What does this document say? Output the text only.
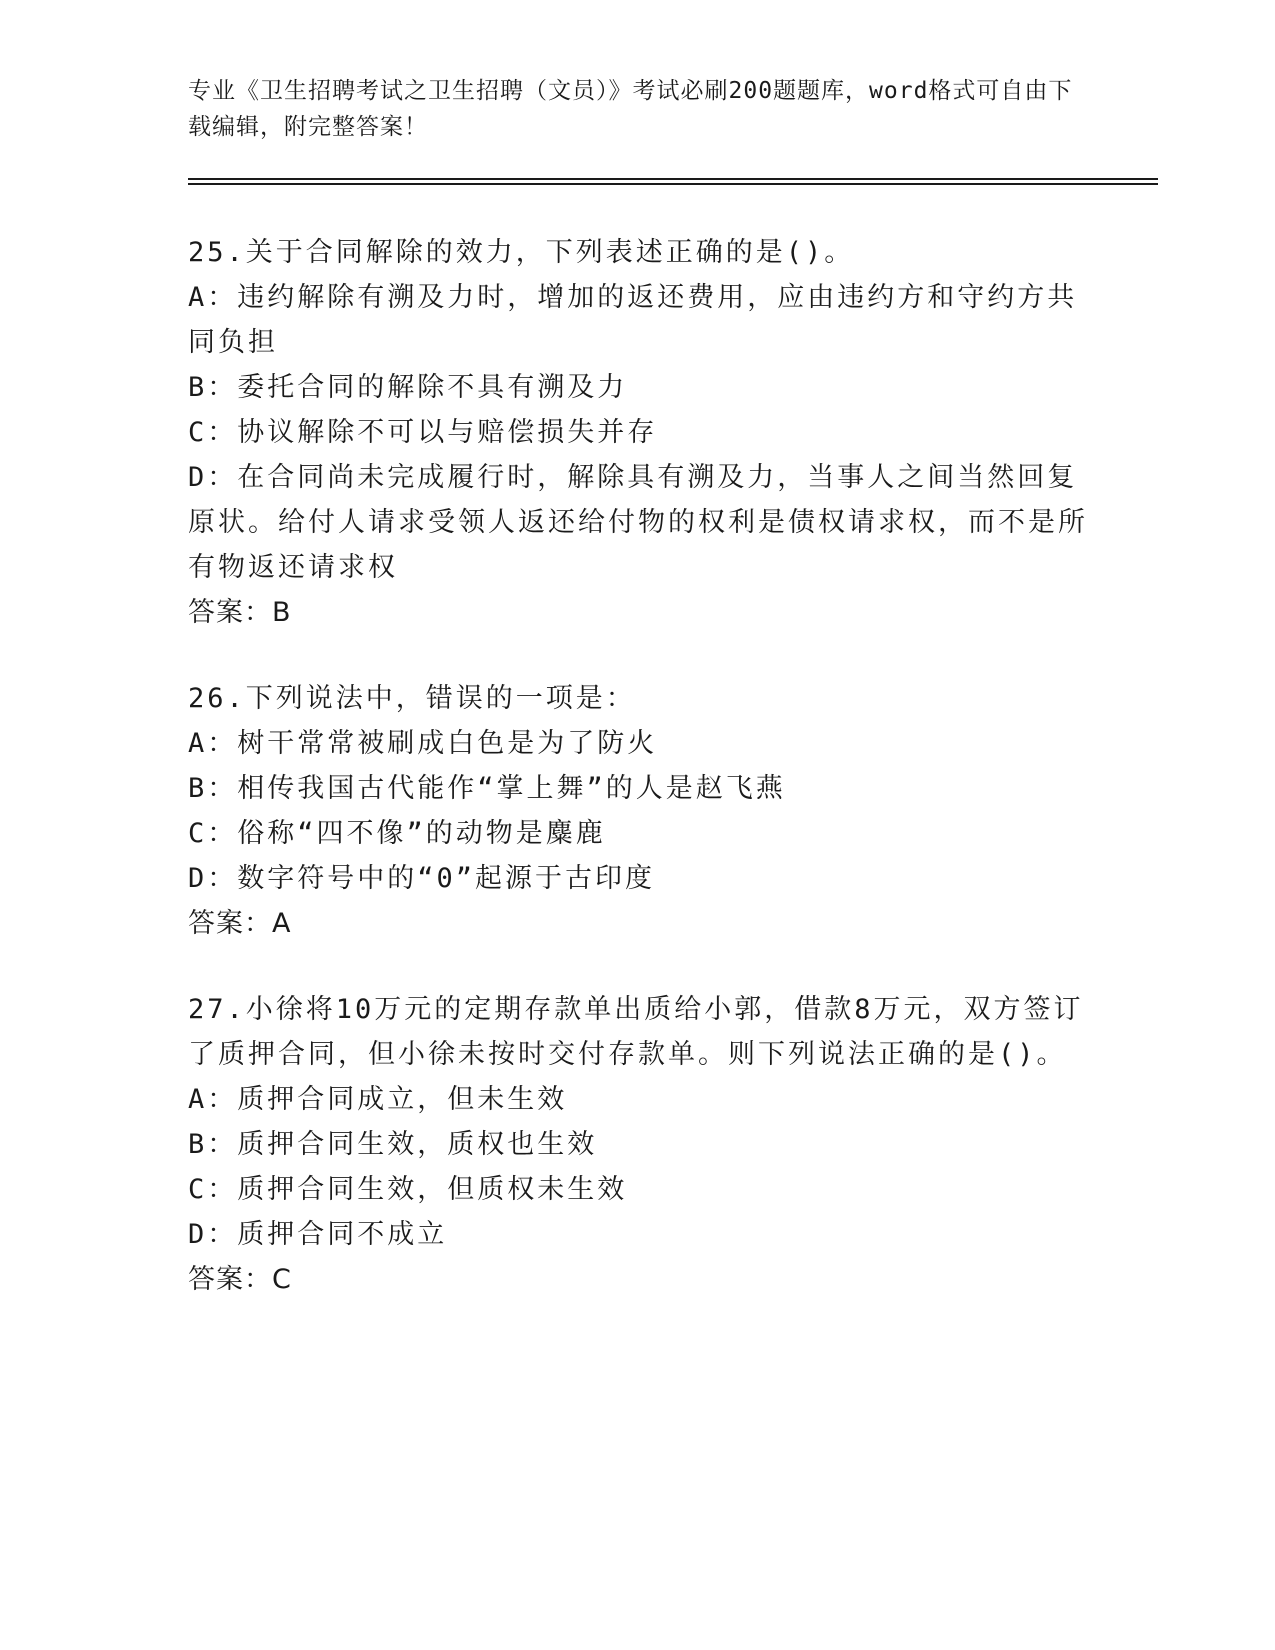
专业《卫生招聘考试之卫生招聘（文员）》考试必刷200题题库，word格式可自由下载编辑，附完整答案！
25.关于合同解除的效力，下列表述正确的是()。
A：违约解除有溯及力时，增加的返还费用，应由违约方和守约方共同负担
B：委托合同的解除不具有溯及力
C：协议解除不可以与赔偿损失并存
D：在合同尚未完成履行时，解除具有溯及力，当事人之间当然回复原状。给付人请求受领人返还给付物的权利是债权请求权，而不是所有物返还请求权
答案：B
26.下列说法中，错误的一项是：
A：树干常常被刷成白色是为了防火
B：相传我国古代能作“掌上舞”的人是赵飞燕
C：俗称“四不像”的动物是麋鹿
D：数字符号中的“0”起源于古印度
答案：A
27.小徐将10万元的定期存款单出质给小郭，借款8万元，双方签订了质押合同，但小徐未按时交付存款单。则下列说法正确的是()。
A：质押合同成立，但未生效
B：质押合同生效，质权也生效
C：质押合同生效，但质权未生效
D：质押合同不成立
答案：C
